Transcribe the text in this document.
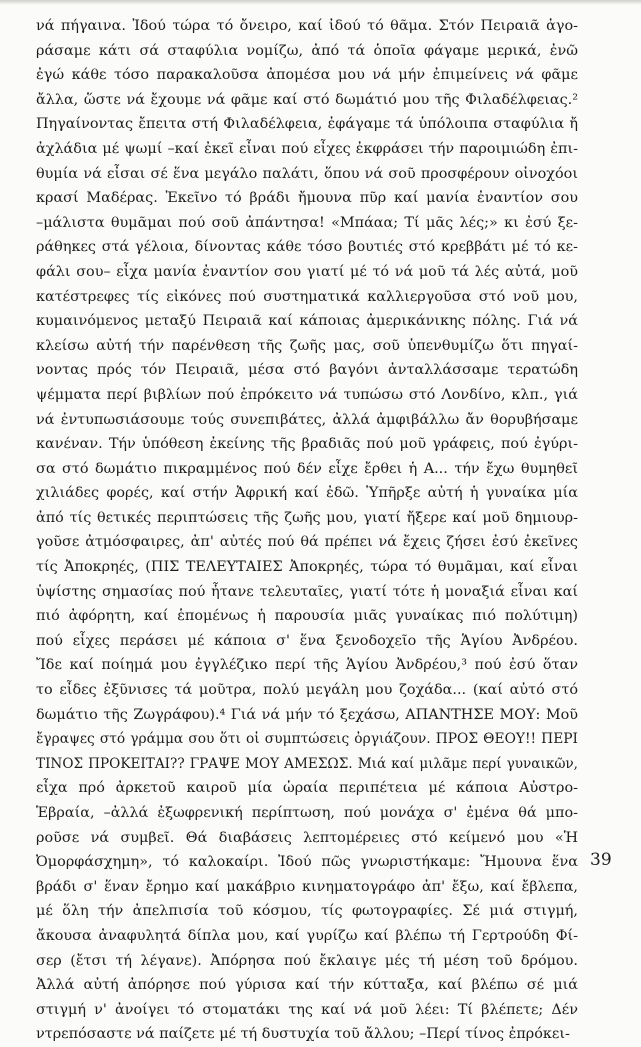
νά πήγαινα. Ἰδού τώρα τό ὄνειρο, καί ἰδού τό θᾶμα. Στόν Πειραιᾶ ἀγο-
ράσαμε κάτι σά σταφύλια νομίζω, ἀπό τά ὁποῖα φάγαμε μερικά, ἐνῶ
ἐγώ κάθε τόσο παρακαλοῦσα ἀπομέσα μου νά μήν ἐπιμείνεις νά φᾶμε
ἄλλα, ὥστε νά ἔχουμε νά φᾶμε καί στό δωμάτιό μου τῆς Φιλαδέλφειας.²
Πηγαίνοντας ἔπειτα στή Φιλαδέλφεια, ἐφάγαμε τά ὑπόλοιπα σταφύλια ἤ
ἀχλάδια μέ ψωμί –καί ἐκεῖ εἶναι πού εἶχες ἐκφράσει τήν παροιμιώδη ἐπι-
θυμία νά εἶσαι σέ ἕνα μεγάλο παλάτι, ὅπου νά σοῦ προσφέρουν οἰνοχόοι
κρασί Μαδέρας. Ἐκεῖνο τό βράδι ἤμουνα πῦρ καί μανία ἐναντίον σου
–μάλιστα θυμᾶμαι πού σοῦ ἀπάντησα! «Μπάαα; Τί μᾶς λές;» κι ἐσύ ξε-
ράθηκες στά γέλοια, δίνοντας κάθε τόσο βουτιές στό κρεββάτι μέ τό κε-
φάλι σου– εἶχα μανία ἐναντίον σου γιατί μέ τό νά μοῦ τά λές αὐτά, μοῦ
κατέστρεφες τίς εἰκόνες πού συστηματικά καλλιεργοῦσα στό νοῦ μου,
κυμαινόμενος μεταξύ Πειραιᾶ καί κάποιας ἀμερικάνικης πόλης. Γιά νά
κλείσω αὐτή τήν παρένθεση τῆς ζωῆς μας, σοῦ ὑπενθυμίζω ὅτι πηγαί-
νοντας πρός τόν Πειραιᾶ, μέσα στό βαγόνι ἀνταλλάσσαμε τερατώδη
ψέμματα περί βιβλίων πού ἐπρόκειτο νά τυπώσω στό Λονδίνο, κλπ., γιά
νά ἐντυπωσιάσουμε τούς συνεπιβάτες, ἀλλά ἀμφιβάλλω ἄν θορυβήσαμε
κανέναν. Τήν ὑπόθεση ἐκείνης τῆς βραδιᾶς πού μοῦ γράφεις, πού ἐγύρι-
σα στό δωμάτιο πικραμμένος πού δέν εἶχε ἔρθει ἡ Α... τήν ἔχω θυμηθεῖ
χιλιάδες φορές, καί στήν Ἀφρική καί ἐδῶ. Ὑπῆρξε αὐτή ἡ γυναίκα μία
ἀπό τίς θετικές περιπτώσεις τῆς ζωῆς μου, γιατί ἤξερε καί μοῦ δημιουρ-
γοῦσε ἀτμόσφαιρες, ἀπ' αὐτές πού θά πρέπει νά ἔχεις ζήσει ἐσύ ἐκεῖνες
τίς Ἀποκρηές, (ΠΙΣ ΤΕΛΕΥΤΑΙΕΣ Ἀποκρηές, τώρα τό θυμᾶμαι, καί εἶναι
ὑψίστης σημασίας πού ἦτανε τελευταῖες, γιατί τότε ἡ μοναξιά εἶναι καί
πιό ἀφόρητη, καί ἑπομένως ἡ παρουσία μιᾶς γυναίκας πιό πολύτιμη)
πού εἶχες περάσει μέ κάποια σ' ἕνα ξενοδοχεῖο τῆς Ἁγίου Ἀνδρέου.
Ἴδε καί ποίημά μου ἐγγλέζικο περί τῆς Ἁγίου Ἀνδρέου,³ πού ἐσύ ὅταν
το εἶδες ἐξῦνισες τά μοῦτρα, πολύ μεγάλη μου ζοχάδα... (καί αὐτό στό
δωμάτιο τῆς Ζωγράφου).⁴ Γιά νά μήν τό ξεχάσω, ΑΠΑΝΤΗΣΕ ΜΟΥ: Μοῦ
ἔγραψες στό γράμμα σου ὅτι οἱ συμπτώσεις ὀργιάζουν. ΠΡΟΣ ΘΕΟΥ!! ΠΕΡΙ
ΤΙΝΟΣ ΠΡΟΚΕΙΤΑΙ?? ΓΡΑΨΕ ΜΟΥ ΑΜΕΣΩΣ. Μιά καί μιλᾶμε περί γυναικῶν,
εἶχα πρό ἀρκετοῦ καιροῦ μία ὡραία περιπέτεια μέ κάποια Αὐστρο-
Ἑβραία, –ἀλλά ἐξωφρενική περίπτωση, πού μονάχα σ' ἐμένα θά μπο-
ροῦσε νά συμβεῖ. Θά διαβάσεις λεπτομέρειες στό κείμενό μου «Ἡ
Ὀμορφάσχημη», τό καλοκαίρι. Ἰδού πῶς γνωριστήκαμε: Ἤμουνα ἕνα
βράδι σ' ἕναν ἔρημο καί μακάβριο κινηματογράφο ἀπ' ἔξω, καί ἔβλεπα,
μέ ὅλη τήν ἀπελπισία τοῦ κόσμου, τίς φωτογραφίες. Σέ μιά στιγμή,
ἄκουσα ἀναφυλητά δίπλα μου, καί γυρίζω καί βλέπω τή Γερτρούδη Φί-
σερ (ἔτσι τή λέγανε). Ἀπόρησα πού ἔκλαιγε μές τή μέση τοῦ δρόμου.
Ἀλλά αὐτή ἀπόρησε πού γύρισα καί τήν κύτταξα, καί βλέπω σέ μιά
στιγμή ν' ἀνοίγει τό στοματάκι της καί νά μοῦ λέει: Τί βλέπετε; Δέν
ντρεπόσαστε νά παίζετε μέ τή δυστυχία τοῦ ἄλλου; –Περί τίνος ἐπρόκει-
39
